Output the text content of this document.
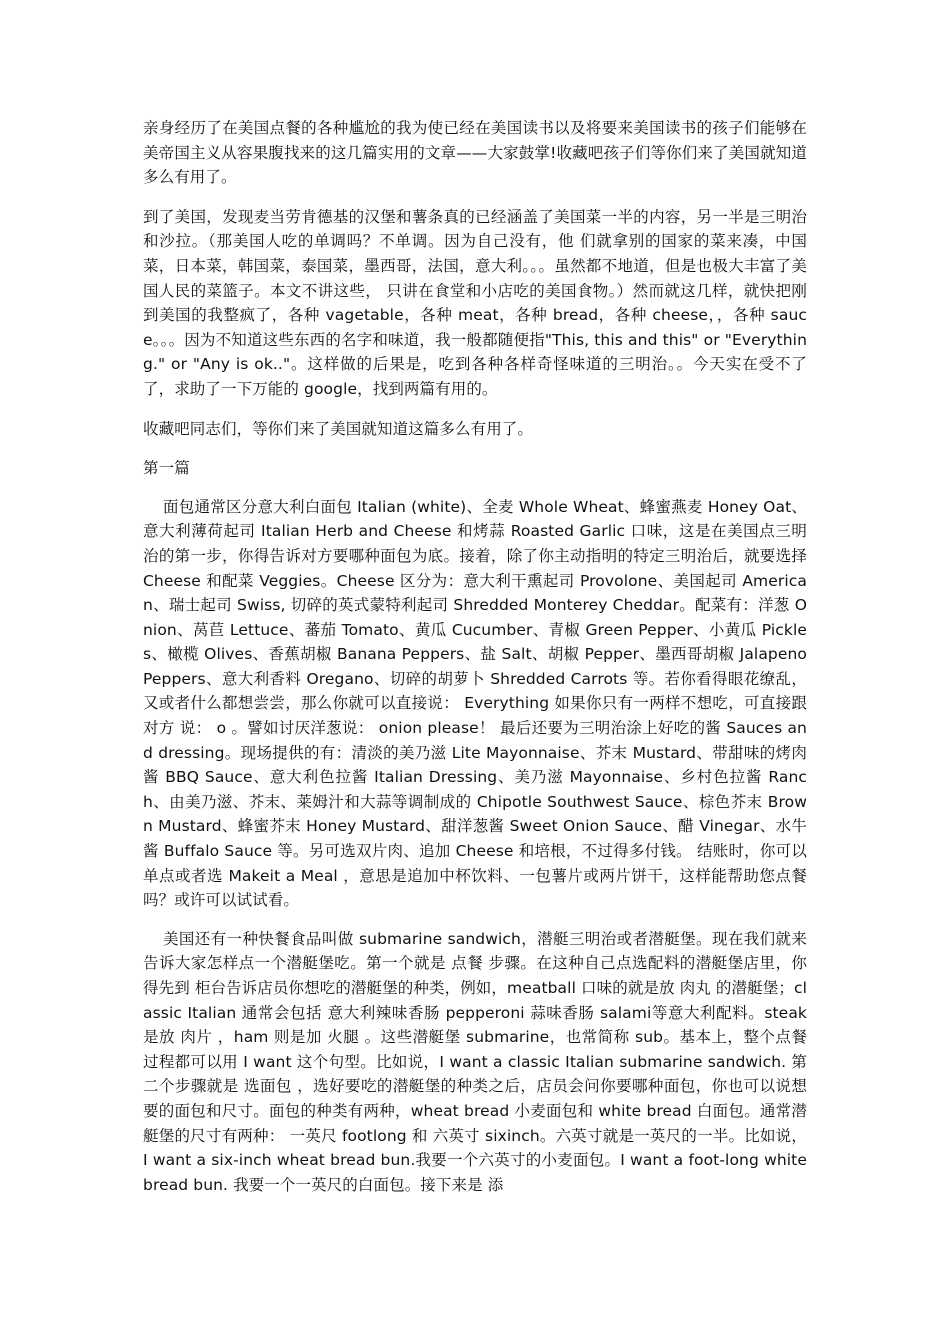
亲身经历了在美国点餐的各种尴尬的我为使已经在美国读书以及将要来美国读书的孩子们能够在美帝国主义从容果腹找来的这几篇实用的文章——大家鼓掌!收藏吧孩子们等你们来了美国就知道多么有用了。

到了美国，发现麦当劳肯德基的汉堡和薯条真的已经涵盖了美国菜一半的内容，另一半是三明治和沙拉。（那美国人吃的单调吗？不单调。因为自己没有，他 们就拿别的国家的菜来凑，中国菜，日本菜，韩国菜，泰国菜，墨西哥，法国，意大利。。。虽然都不地道，但是也极大丰富了美国人民的菜篮子。本文不讲这些， 只讲在食堂和小店吃的美国食物。）然而就这几样，就快把刚到美国的我整疯了，各种 vagetable，各种 meat，各种 bread，各种 cheese，，各种 sauce。。。因为不知道这些东西的名字和味道，我一般都随便指"This, this and this" or "Everything." or "Any is ok.."。这样做的后果是，吃到各种各样奇怪味道的三明治。。今天实在受不了了，求助了一下万能的 google，找到两篇有用的。

收藏吧同志们，等你们来了美国就知道这篇多么有用了。

第一篇

面包通常区分意大利白面包 Italian (white)、全麦 Whole Wheat、蜂蜜燕麦 Honey Oat、意大利薄荷起司 Italian Herb and Cheese 和烤蒜 Roasted Garlic 口味，这是在美国点三明治的第一步，你得告诉对方要哪种面包为底。接着，除了你主动指明的特定三明治后，就要选择 Cheese 和配菜 Veggies。Cheese 区分为：意大利干熏起司 Provolone、美国起司 American、瑞士起司 Swiss, 切碎的英式蒙特利起司 Shredded Monterey Cheddar。配菜有：洋葱 Onion、莴苣 Lettuce、蕃茄 Tomato、黄瓜 Cucumber、青椒 Green Pepper、小黄瓜 Pickles、橄榄 Olives、香蕉胡椒 Banana Peppers、盐 Salt、胡椒 Pepper、墨西哥胡椒 Jalapeno Peppers、意大利香料 Oregano、切碎的胡萝卜 Shredded Carrots 等。若你看得眼花缭乱，又或者什么都想尝尝，那么你就可以直接说： Everything 如果你只有一两样不想吃，可直接跟对方 说： o 。譬如讨厌洋葱说： onion please！ 最后还要为三明治涂上好吃的酱 Sauces and dressing。现场提供的有：清淡的美乃滋 Lite Mayonnaise、芥末 Mustard、带甜味的烤肉酱 BBQ Sauce、意大利色拉酱 Italian Dressing、美乃滋 Mayonnaise、乡村色拉酱 Ranch、由美乃滋、芥末、莱姆汁和大蒜等调制成的 Chipotle Southwest Sauce、棕色芥末 Brown Mustard、蜂蜜芥末 Honey Mustard、甜洋葱酱 Sweet Onion Sauce、醋 Vinegar、水牛酱 Buffalo Sauce 等。另可选双片肉、追加 Cheese 和培根，不过得多付钱。 结账时，你可以单点或者选 Makeit a Meal ，意思是追加中杯饮料、一包薯片或两片饼干，这样能帮助您点餐吗？或许可以试试看。

美国还有一种快餐食品叫做 submarine sandwich，潜艇三明治或者潜艇堡。现在我们就来告诉大家怎样点一个潜艇堡吃。第一个就是 点餐 步骤。在这种自己点选配料的潜艇堡店里，你得先到 柜台告诉店员你想吃的潜艇堡的种类，例如，meatball 口味的就是放 肉丸 的潜艇堡；classic Italian 通常会包括 意大利辣味香肠 pepperoni 蒜味香肠 salami等意大利配料。steak 是放 肉片 ，ham 则是加 火腿 。这些潜艇堡 submarine，也常简称 sub。基本上，整个点餐过程都可以用 I want 这个句型。比如说，I want a classic Italian submarine sandwich. 第二个步骤就是 选面包 ，选好要吃的潜艇堡的种类之后，店员会问你要哪种面包，你也可以说想要的面包和尺寸。面包的种类有两种，wheat bread 小麦面包和 white bread 白面包。通常潜艇堡的尺寸有两种： 一英尺 footlong 和 六英寸 sixinch。六英寸就是一英尺的一半。比如说，I want a six-inch wheat bread bun.我要一个六英寸的小麦面包。I want a foot-long white bread bun. 我要一个一英尺的白面包。接下来是 添
